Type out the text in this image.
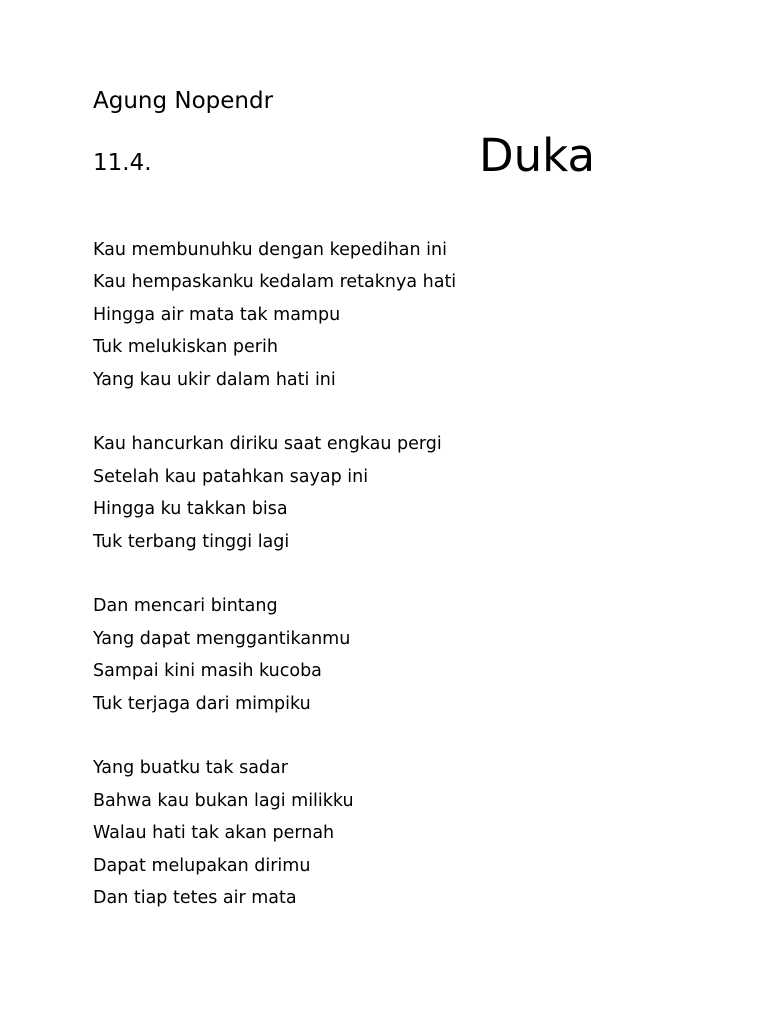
Agung Nopendr
11.4.	Duka
Kau membunuhku dengan kepedihan ini
Kau hempaskanku kedalam retaknya hati
Hingga air mata tak mampu
Tuk melukiskan perih
Yang kau ukir dalam hati ini
Kau hancurkan diriku saat engkau pergi
Setelah kau patahkan sayap ini
Hingga ku takkan bisa
Tuk terbang tinggi lagi
Dan mencari bintang
Yang dapat menggantikanmu
Sampai kini masih kucoba
Tuk terjaga dari mimpiku
Yang buatku tak sadar
Bahwa kau bukan lagi milikku
Walau hati tak akan pernah
Dapat melupakan dirimu
Dan tiap tetes air mata
